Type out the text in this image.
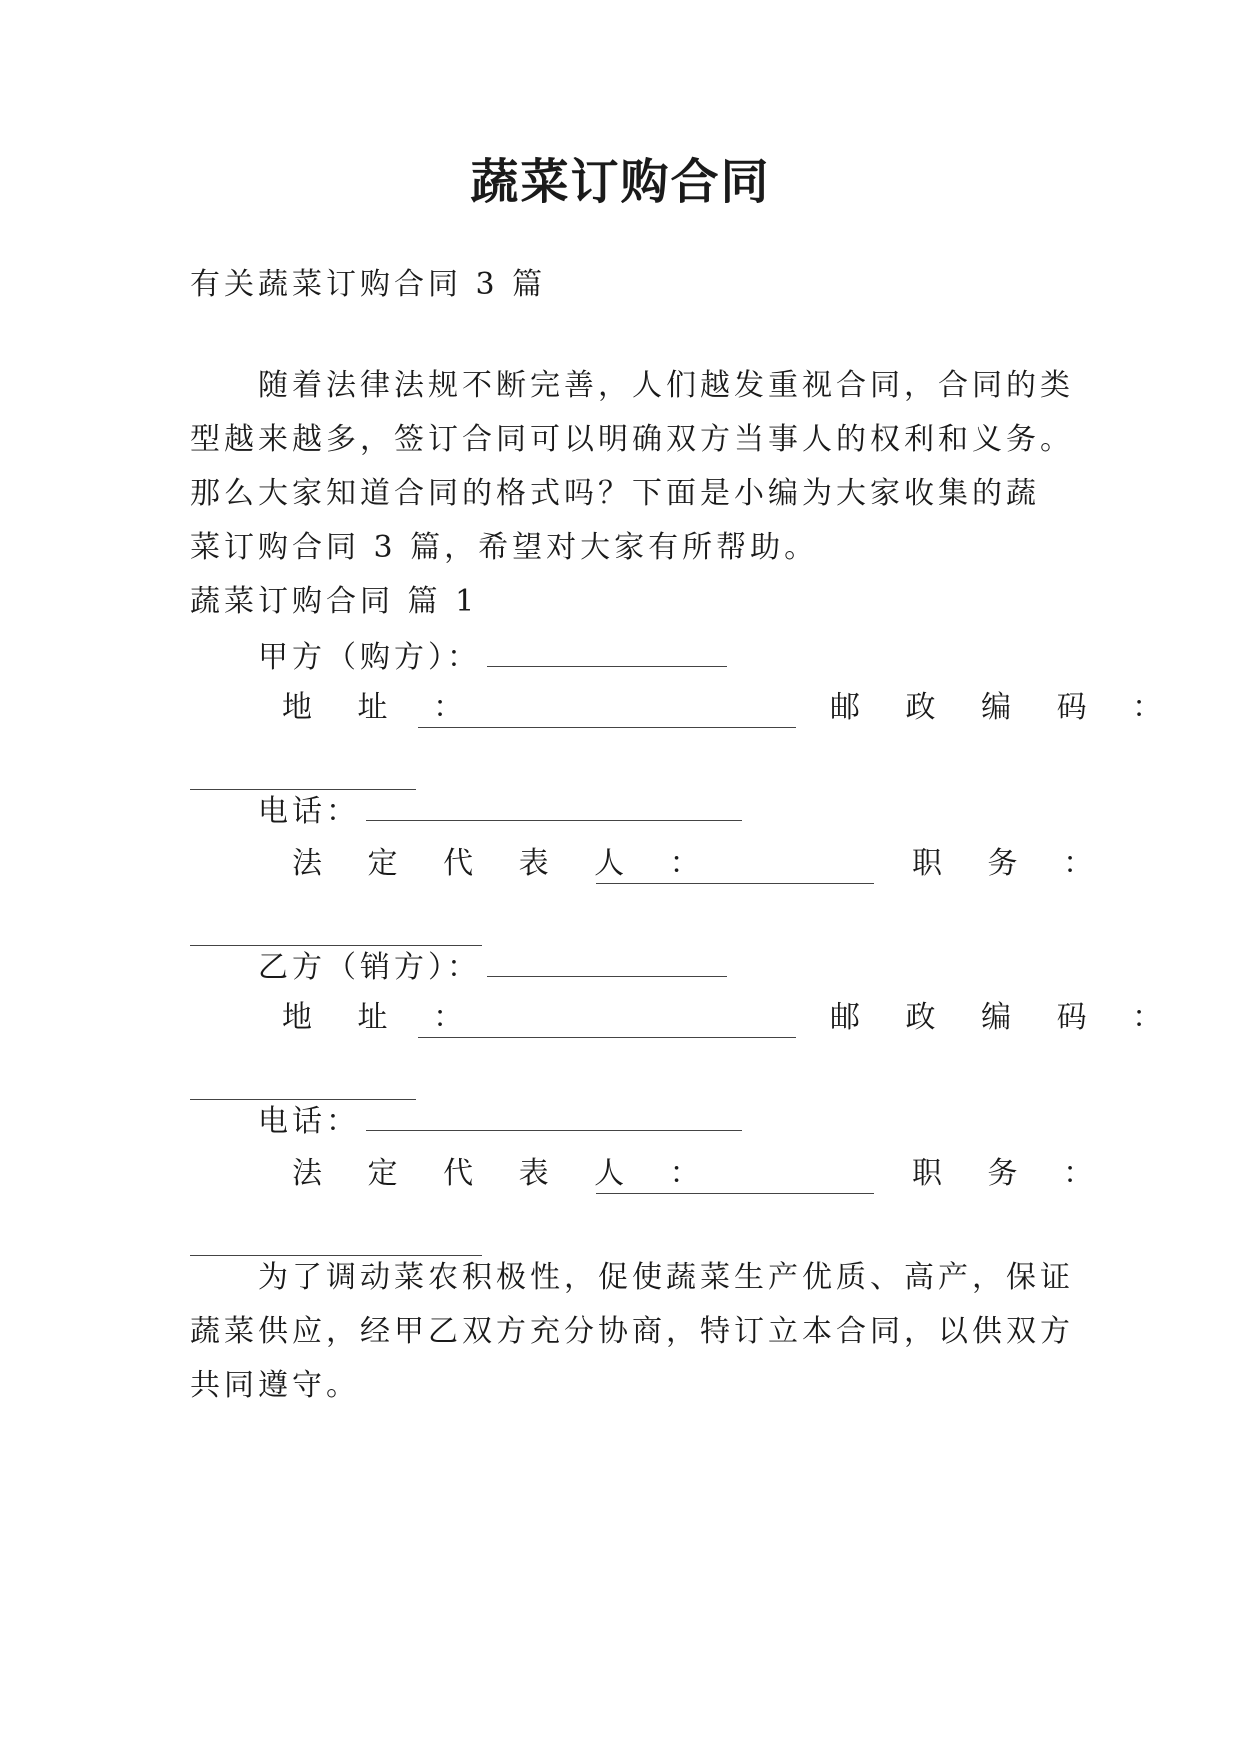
蔬菜订购合同
有关蔬菜订购合同 3 篇
随着法律法规不断完善，人们越发重视合同，合同的类
型越来越多，签订合同可以明确双方当事人的权利和义务。
那么大家知道合同的格式吗？下面是小编为大家收集的蔬
菜订购合同 3 篇，希望对大家有所帮助。
蔬菜订购合同 篇 1
甲方（购方）：
地 址 ：	邮 政 编 码 ：
电话：
法 定 代 表 人 ：	职 务 ：
乙方（销方）：
地 址 ：	邮 政 编 码 ：
电话：
法 定 代 表 人 ：	职 务 ：
为了调动菜农积极性，促使蔬菜生产优质、高产，保证
蔬菜供应，经甲乙双方充分协商，特订立本合同，以供双方
共同遵守。
